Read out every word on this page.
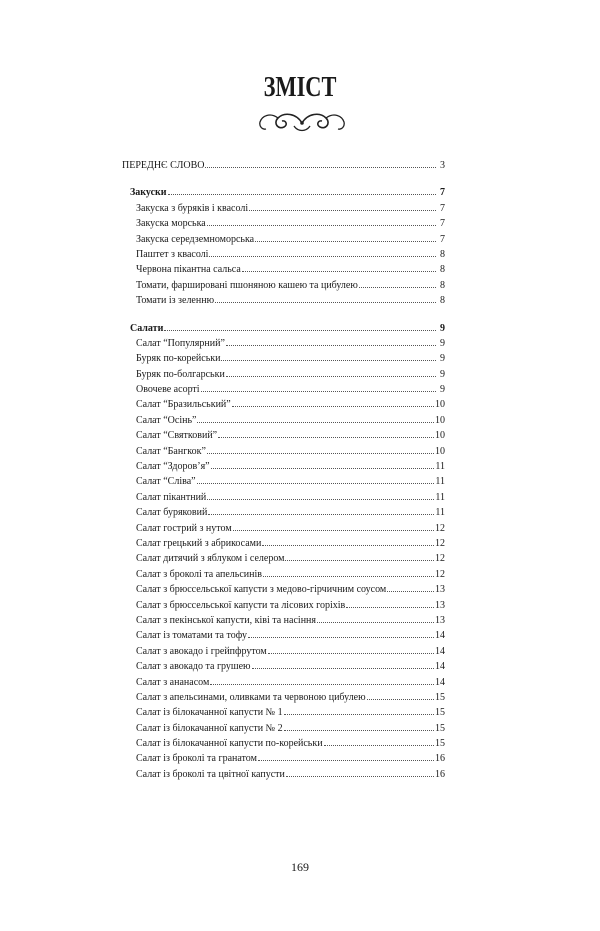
ЗМІСТ
ПЕРЕДНЄ СЛОВО	3
Закуски	7
Закуска з буряків і квасолі	7
Закуска морська	7
Закуска середземноморська	7
Паштет з квасолі	8
Червона пікантна сальса	8
Томати, фаршировані пшоняною кашею та цибулею	8
Томати із зеленню	8
Салати	9
Салат “Популярний”	9
Буряк по-корейськи	9
Буряк по-болгарськи	9
Овочеве асорті	9
Салат “Бразильський”	10
Салат “Осінь”	10
Салат “Святковий”	10
Салат “Бангкок”	10
Салат “Здоров’я”	11
Салат “Сліва”	11
Салат пікантний	11
Салат буряковий	11
Салат гострий з нутом	12
Салат грецький з абрикосами	12
Салат дитячий з яблуком і селером	12
Салат з броколі та апельсинів	12
Салат з брюссельської капусти з медово-гірчичним соусом	13
Салат з брюссельської капусти та лісових горіхів	13
Салат з пекінської капусти, ківі та насіння	13
Салат із томатами та тофу	14
Салат з авокадо і грейпфрутом	14
Салат з авокадо та грушею	14
Салат з ананасом	14
Салат з апельсинами, оливками та червоною цибулею	15
Салат із білокачанної капусти № 1	15
Салат із білокачанної капусти № 2	15
Салат із білокачанної капусти по-корейськи	15
Салат із броколі та гранатом	16
Салат із броколі та цвітної капусти	16
169
